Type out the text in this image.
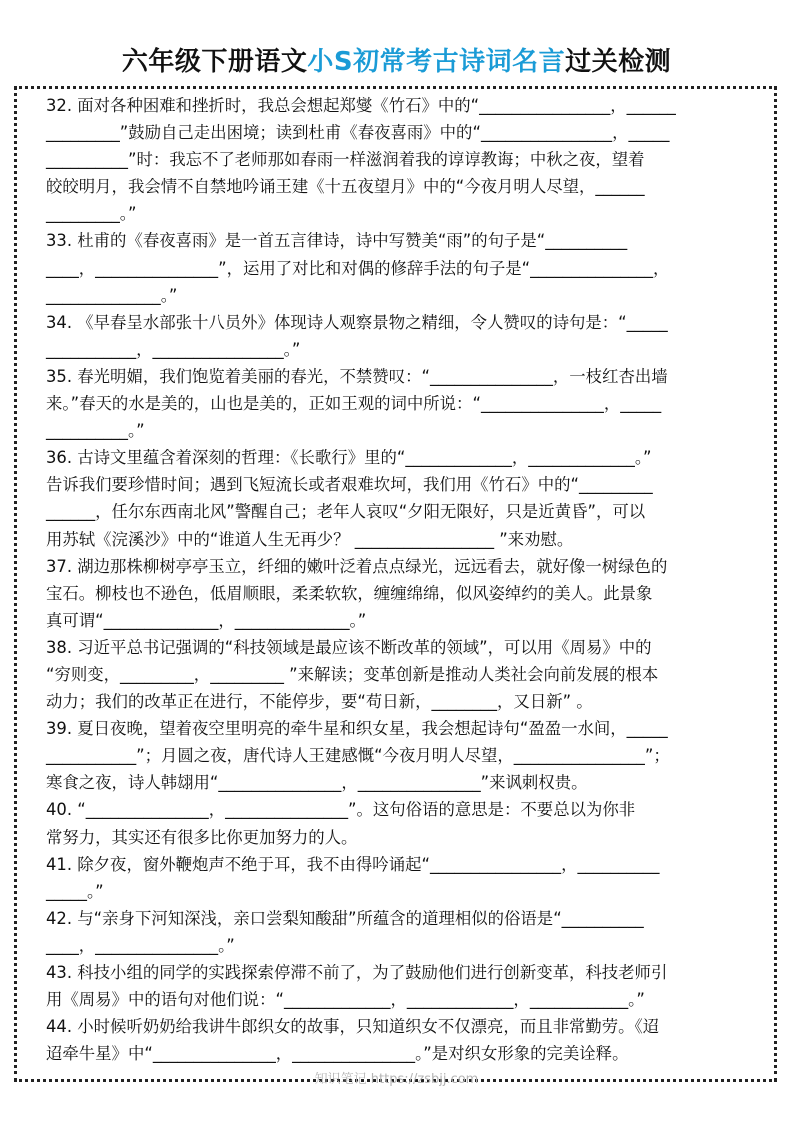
六年级下册语文小S初常考古诗词名言过关检测
32. 面对各种困难和挫折时，我总会想起郑燮《竹石》中的“________________，______
_________”鼓励自己走出困境；读到杜甫《春夜喜雨》中的“________________，_____
__________”时：我忘不了老师那如春雨一样滋润着我的谆谆教诲；中秋之夜，望着
皎皎明月，我会情不自禁地吟诵王建《十五夜望月》中的“今夜月明人尽望，______
_________。”
33. 杜甫的《春夜喜雨》是一首五言律诗，诗中写赞美“雨”的句子是“__________
____，_______________”，运用了对比和对偶的修辞手法的句子是“_______________，
______________。”
34. 《早春呈水部张十八员外》体现诗人观察景物之精细，令人赞叹的诗句是：“_____
___________，________________。”
35. 春光明媚，我们饱览着美丽的春光，不禁赞叹：“_______________，一枝红杏出墙
来。”春天的水是美的，山也是美的，正如王观的词中所说：“_______________，_____
__________。”
36. 古诗文里蕴含着深刻的哲理：《长歌行》里的“_____________，_____________。”
告诉我们要珍惜时间；遇到飞短流长或者艰难坎坷，我们用《竹石》中的“_________
______，任尔东西南北风”警醒自己；老年人哀叹“夕阳无限好，只是近黄昏”，可以
用苏轼《浣溪沙》中的“谁道人生无再少？ _________________ ”来劝慰。
37. 湖边那株柳树亭亭玉立，纤细的嫩叶泛着点点绿光，远远看去，就好像一树绿色的
宝石。柳枝也不逊色，低眉顺眼，柔柔软软，缠缠绵绵，似风姿绰约的美人。此景象
真可谓“______________，______________。”
38. 习近平总书记强调的“科技领域是最应该不断改革的领域”，可以用《周易》中的
“穷则变，_________，_________ ”来解读；变革创新是推动人类社会向前发展的根本
动力；我们的改革正在进行，不能停步，要“苟日新，________，又日新” 。
39. 夏日夜晚，望着夜空里明亮的牵牛星和织女星，我会想起诗句“盈盈一水间，_____
___________”；月圆之夜，唐代诗人王建感慨“今夜月明人尽望，________________”；
寒食之夜，诗人韩翃用“_______________，_______________”来讽刺权贵。
40. “_______________，_______________”。这句俗语的意思是：不要总以为你非
常努力，其实还有很多比你更加努力的人。
41. 除夕夜，窗外鞭炮声不绝于耳，我不由得吟诵起“________________，__________
_____。”
42. 与“亲身下河知深浅，亲口尝梨知酸甜”所蕴含的道理相似的俗语是“__________
____，_______________。”
43. 科技小组的同学的实践探索停滞不前了，为了鼓励他们进行创新变革，科技老师引
用《周易》中的语句对他们说：“_____________，_____________，____________。”
44. 小时候听奶奶给我讲牛郎织女的故事，只知道织女不仅漂亮，而且非常勤劳。《迢
迢牵牛星》中“_______________，_______________。”是对织女形象的完美诠释。
知识笔记 https://zsbjj.com
